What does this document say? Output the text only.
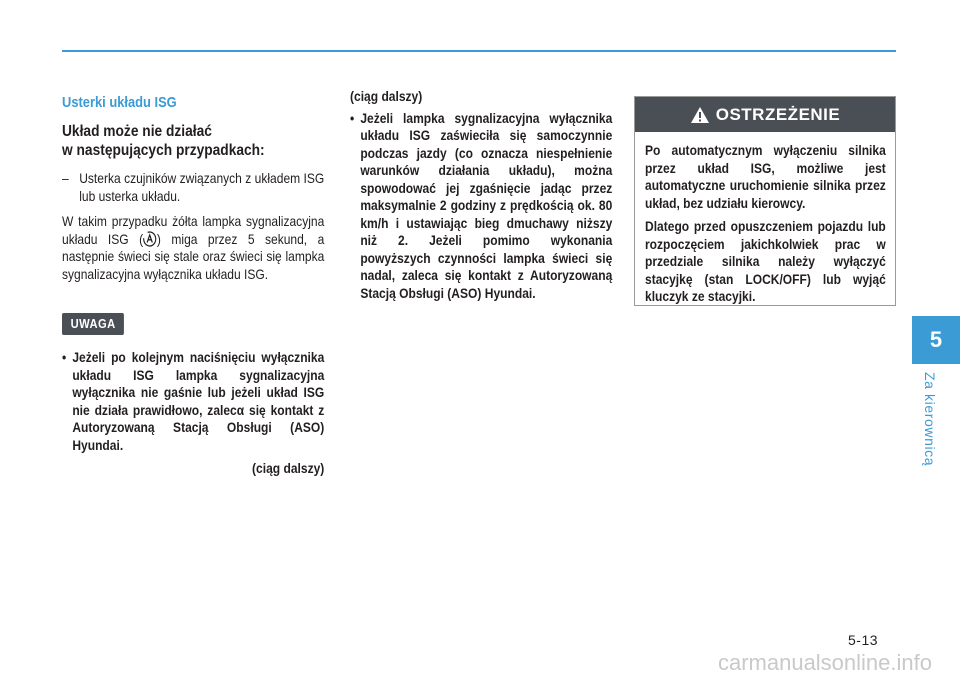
Usterki układu ISG
Układ może nie działać
w następujących przypadkach:
– Usterka czujników związanych z układem ISG lub usterka układu.

W takim przypadku żółta lampka sygnalizacyjna układu ISG ( ) miga przez 5 sekund, a następnie świeci się stale oraz świeci się lampka sygnalizacyjna wyłącznika układu ISG.

UWAGA
• Jeżeli po kolejnym naciśnięciu wyłącznika układu ISG lampka sygnalizacyjna wyłącznika nie gaśnie lub jeżeli układ ISG nie działa prawidłowo, zalecα się kontakt z Autoryzowaną Stacją Obsługi (ASO) Hyundai.
(ciąg dalszy)

(ciąg dalszy)

• Jeżeli lampka sygnalizacyjna wyłącznika układu ISG zaświeciła się samoczynnie podczas jazdy (co oznacza niespełnienie warunków działania układu), można spowodować jej zgaśnięcie jadąc przez maksymalnie 2 godziny z prędkością ok. 80 km/h i ustawiając bieg dmuchawy niższy niż 2. Jeżeli pomimo wykonania powyższych czynności lampka świeci się nadal, zaleca się kontakt z Autoryzowaną Stacją Obsługi (ASO) Hyundai.
OSTRZEŻENIE

Po automatycznym wyłączeniu silnika przez układ ISG, możliwe jest automatyczne uruchomienie silnika przez układ, bez udziału kierowcy.

Dlatego przed opuszczeniem pojazdu lub rozpoczęciem jakichkolwiek prac w przedziale silnika należy wyłączyć stacyjkę (stan LOCK/OFF) lub wyjąć kluczyk ze stacyjki.

5
Za kierownicą
5-13
carmanualsonline.info
